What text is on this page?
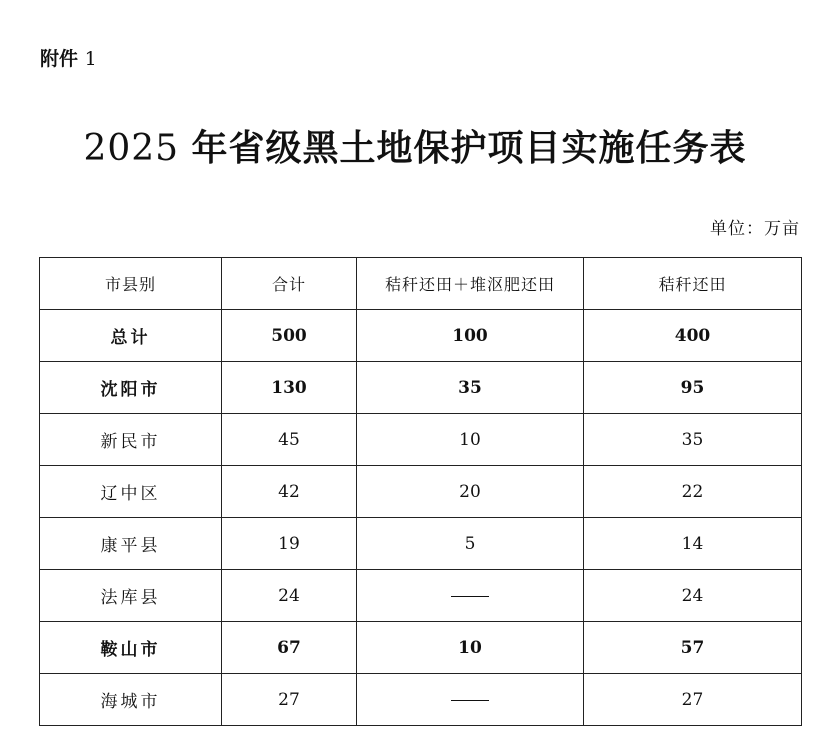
附件 1
2025 年省级黑土地保护项目实施任务表
单位：万亩
市县别	合计	秸秆还田＋堆沤肥还田	秸秆还田
总计	500	100	400
沈阳市	130	35	95
新民市	45	10	35
辽中区	42	20	22
康平县	19	5	14
法库县	24		24
鞍山市	67	10	57
海城市	27		27
